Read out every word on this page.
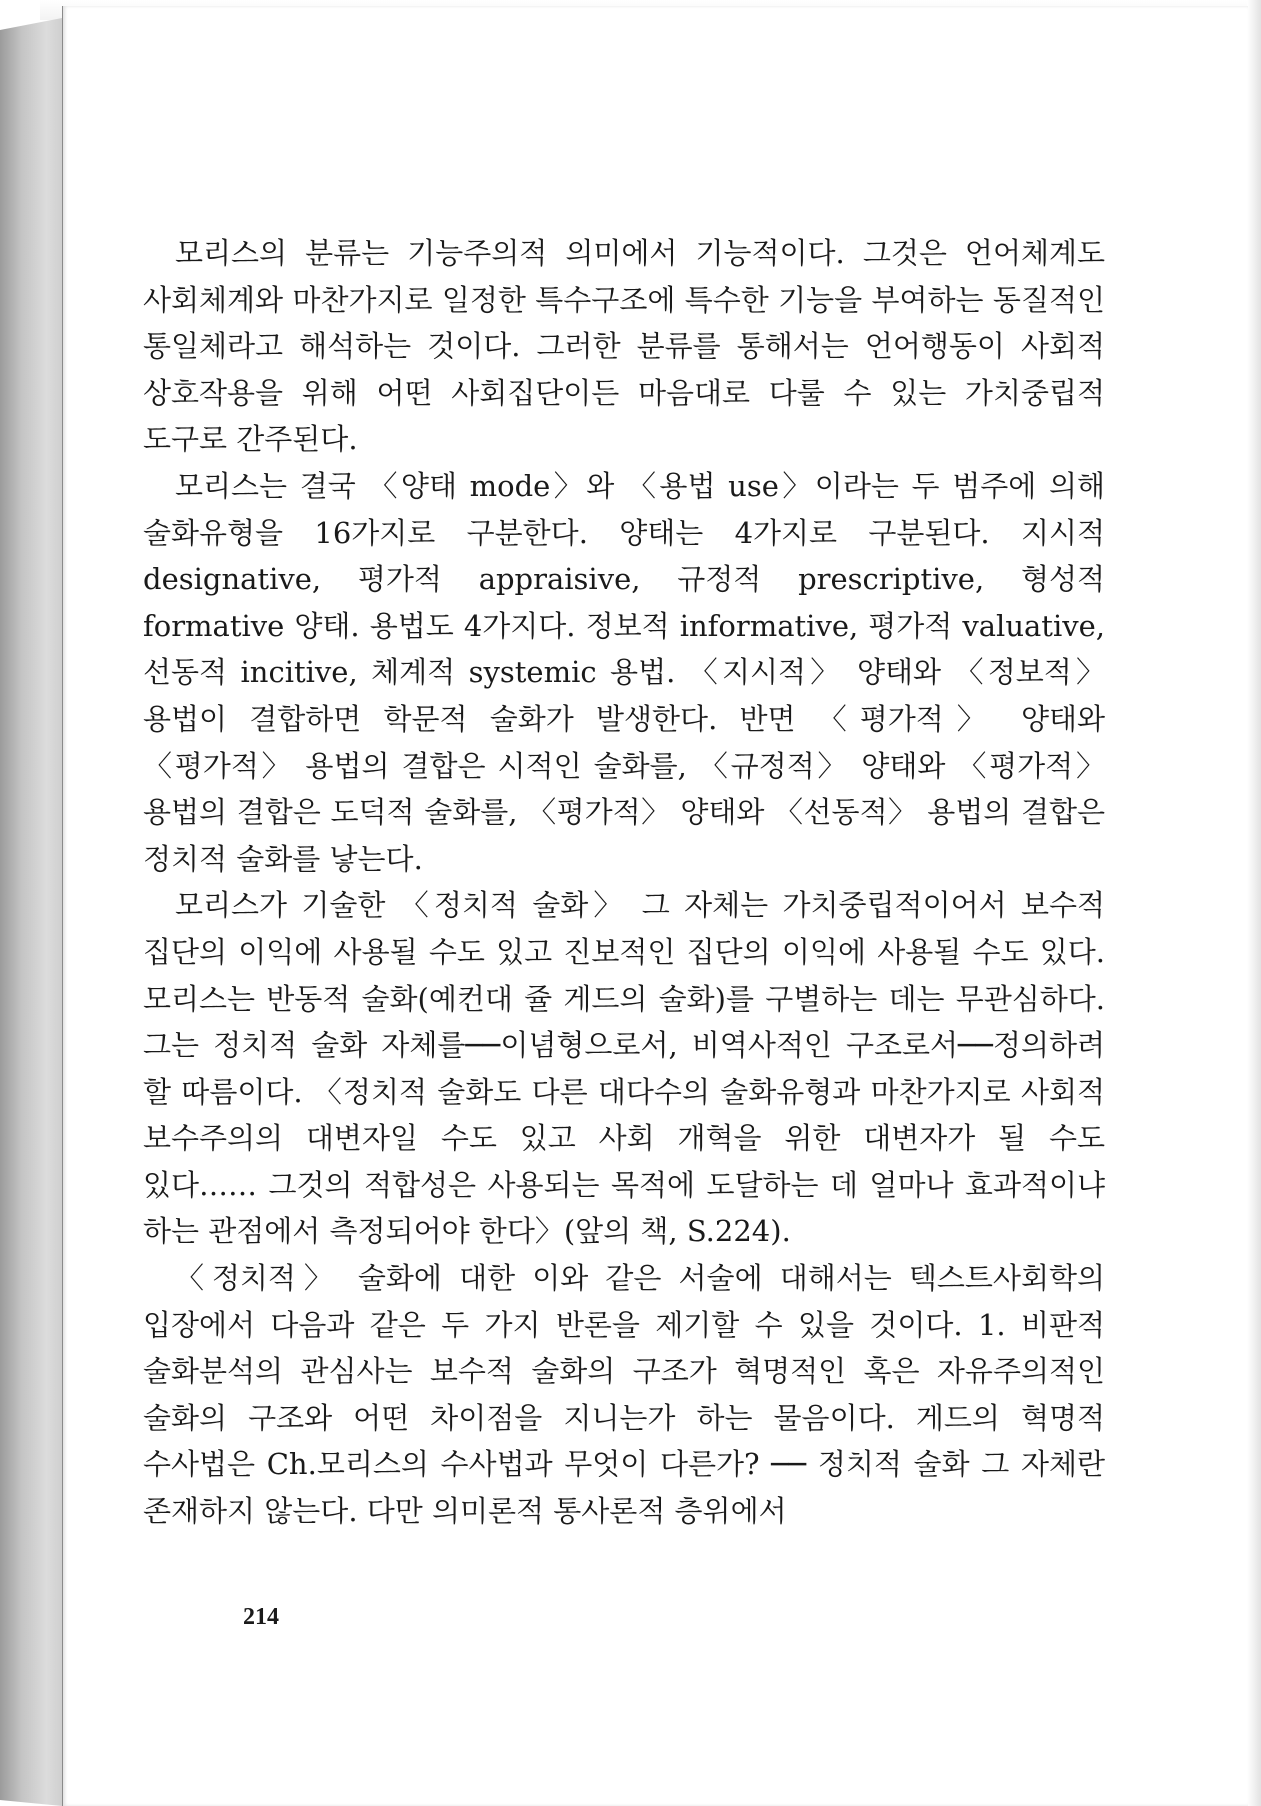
모리스의 분류는 기능주의적 의미에서 기능적이다. 그것은 언어체계도 사회체계와 마찬가지로 일정한 특수구조에 특수한 기능을 부여하는 동질적인 통일체라고 해석하는 것이다. 그러한 분류를 통해서는 언어행동이 사회적 상호작용을 위해 어떤 사회집단이든 마음대로 다룰 수 있는 가치중립적 도구로 간주된다.

모리스는 결국 〈양태 mode〉와 〈용법 use〉이라는 두 범주에 의해 술화유형을 16가지로 구분한다. 양태는 4가지로 구분된다. 지시적 designative, 평가적 appraisive, 규정적 prescriptive, 형성적 formative 양태. 용법도 4가지다. 정보적 informative, 평가적 valuative, 선동적 incitive, 체계적 systemic 용법. 〈지시적〉 양태와 〈정보적〉 용법이 결합하면 학문적 술화가 발생한다. 반면 〈평가적〉 양태와 〈평가적〉 용법의 결합은 시적인 술화를, 〈규정적〉 양태와 〈평가적〉 용법의 결합은 도덕적 술화를, 〈평가적〉 양태와 〈선동적〉 용법의 결합은 정치적 술화를 낳는다.

모리스가 기술한 〈정치적 술화〉 그 자체는 가치중립적이어서 보수적 집단의 이익에 사용될 수도 있고 진보적인 집단의 이익에 사용될 수도 있다. 모리스는 반동적 술화(예컨대 쥴 게드의 술화)를 구별하는 데는 무관심하다. 그는 정치적 술화 자체를──이념형으로서, 비역사적인 구조로서──정의하려 할 따름이다. 〈정치적 술화도 다른 대다수의 술화유형과 마찬가지로 사회적 보수주의의 대변자일 수도 있고 사회 개혁을 위한 대변자가 될 수도 있다…… 그것의 적합성은 사용되는 목적에 도달하는 데 얼마나 효과적이냐 하는 관점에서 측정되어야 한다〉(앞의 책, S.224).

〈정치적〉 술화에 대한 이와 같은 서술에 대해서는 텍스트사회학의 입장에서 다음과 같은 두 가지 반론을 제기할 수 있을 것이다. 1. 비판적 술화분석의 관심사는 보수적 술화의 구조가 혁명적인 혹은 자유주의적인 술화의 구조와 어떤 차이점을 지니는가 하는 물음이다. 게드의 혁명적 수사법은 Ch.모리스의 수사법과 무엇이 다른가? ── 정치적 술화 그 자체란 존재하지 않는다. 다만 의미론적 통사론적 층위에서

214
